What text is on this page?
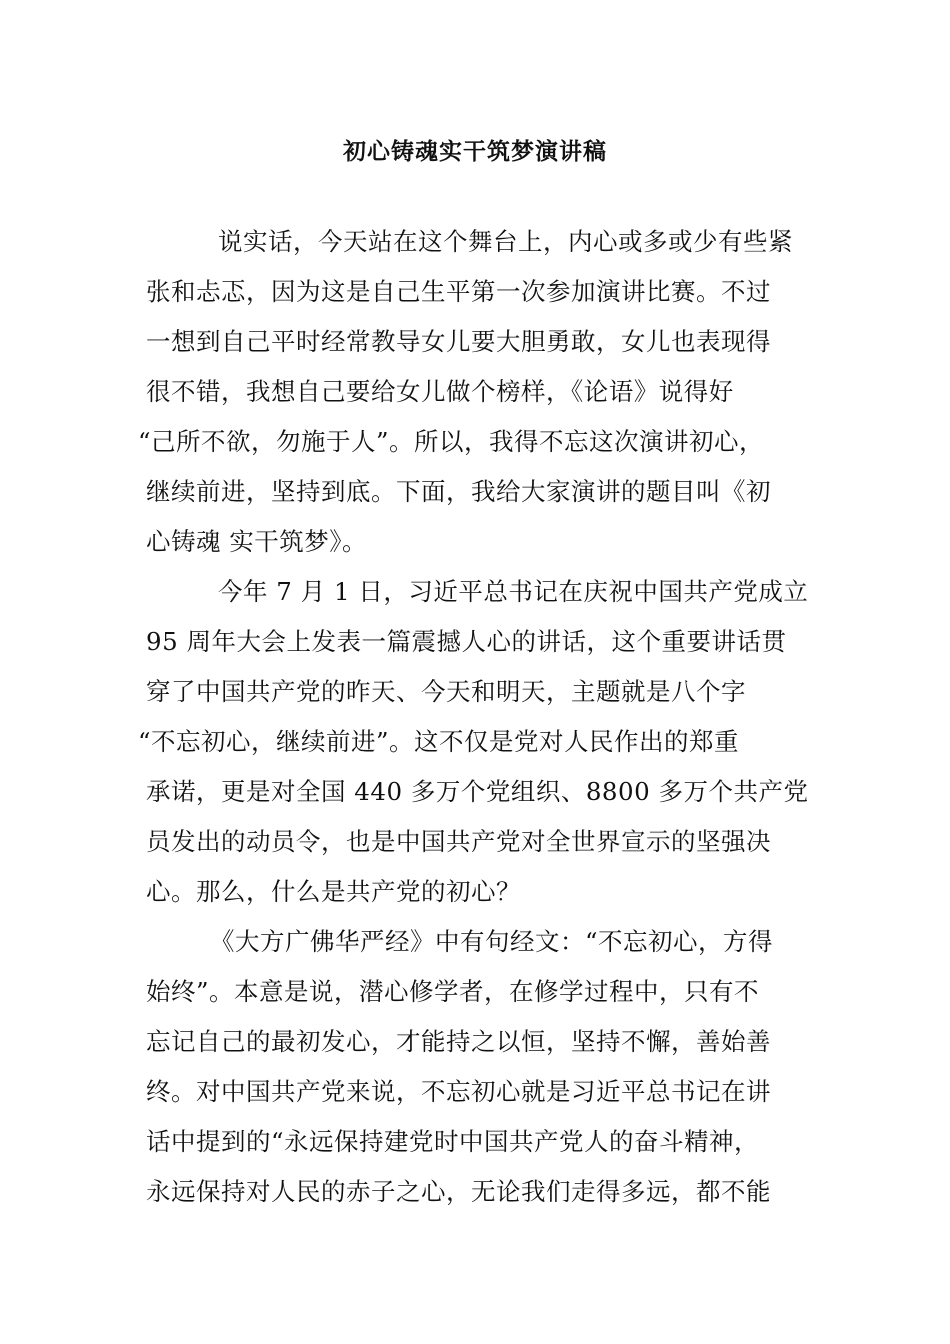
初心铸魂实干筑梦演讲稿
说实话，今天站在这个舞台上，内心或多或少有些紧
张和忐忑，因为这是自己生平第一次参加演讲比赛。不过
一想到自己平时经常教导女儿要大胆勇敢，女儿也表现得
很不错，我想自己要给女儿做个榜样，《论语》说得好
“己所不欲，勿施于人”。所以，我得不忘这次演讲初心，
继续前进，坚持到底。下面，我给大家演讲的题目叫《初
心铸魂 实干筑梦》。
今年 7 月 1 日，习近平总书记在庆祝中国共产党成立
95 周年大会上发表一篇震撼人心的讲话，这个重要讲话贯
穿了中国共产党的昨天、今天和明天，主题就是八个字
“不忘初心，继续前进”。这不仅是党对人民作出的郑重
承诺，更是对全国 440 多万个党组织、8800 多万个共产党
员发出的动员令，也是中国共产党对全世界宣示的坚强决
心。那么，什么是共产党的初心？
《大方广佛华严经》中有句经文：“不忘初心，方得
始终”。本意是说，潜心修学者，在修学过程中，只有不
忘记自己的最初发心，才能持之以恒，坚持不懈，善始善
终。对中国共产党来说，不忘初心就是习近平总书记在讲
话中提到的“永远保持建党时中国共产党人的奋斗精神，
永远保持对人民的赤子之心，无论我们走得多远，都不能
